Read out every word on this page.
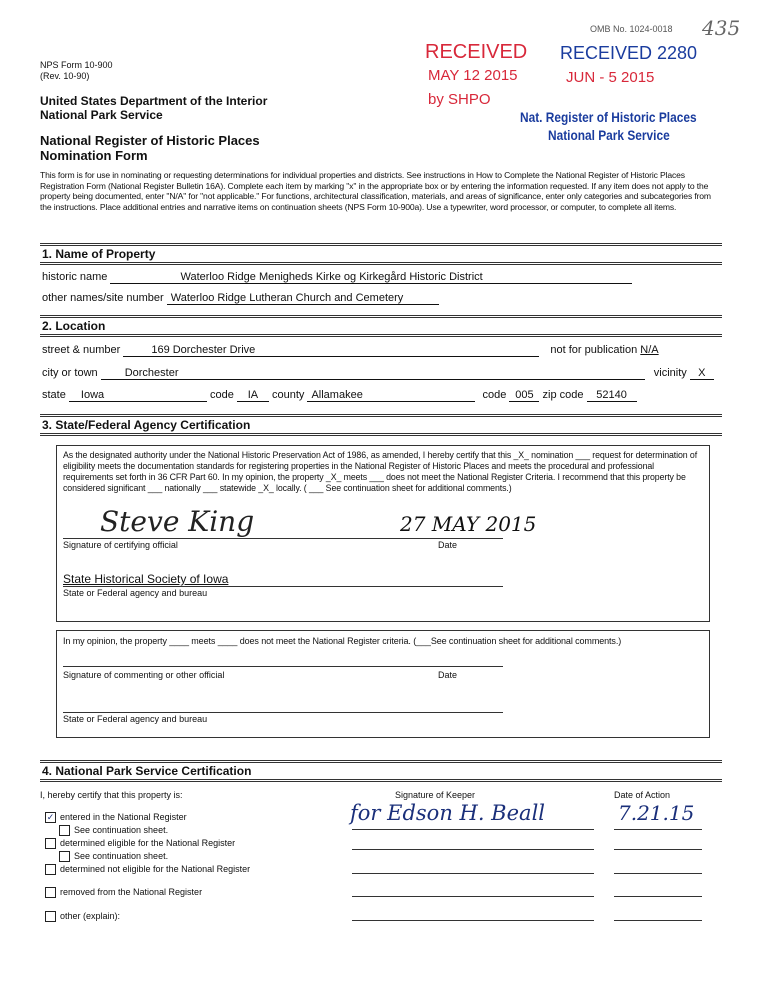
NPS Form 10-900
(Rev. 10-90)
United States Department of the Interior
National Park Service
National Register of Historic Places
Nomination Form
OMB No. 1024-0018 435
RECEIVED
MAY 12 2015
by SHPO
RECEIVED 2280
JUN - 5 2015
Nat. Register of Historic Places
National Park Service
This form is for use in nominating or requesting determinations for individual properties and districts. See instructions in How to Complete the National Register of Historic Places Registration Form (National Register Bulletin 16A). Complete each item by marking "x" in the appropriate box or by entering the information requested. If any item does not apply to the property being documented, enter "N/A" for "not applicable." For functions, architectural classification, materials, and areas of significance, enter only categories and subcategories from the instructions. Place additional entries and narrative items on continuation sheets (NPS Form 10-900a). Use a typewriter, word processor, or computer, to complete all items.
1. Name of Property
historic name	Waterloo Ridge Menigheds Kirke og Kirkegård Historic District
other names/site number Waterloo Ridge Lutheran Church and Cemetery
2. Location
street & number	169 Dorchester Drive	not for publication N/A
city or town Dorchester	vicinity X
state Iowa	code IA county Allamakee	code 005 zip code 52140
3. State/Federal Agency Certification
As the designated authority under the National Historic Preservation Act of 1986, as amended, I hereby certify that this _X_ nomination ___ request for determination of eligibility meets the documentation standards for registering properties in the National Register of Historic Places and meets the procedural and professional requirements set forth in 36 CFR Part 60. In my opinion, the property _X_ meets ___ does not meet the National Register Criteria. I recommend that this property be considered significant ___ nationally ___ statewide _X_ locally. ( ___ See continuation sheet for additional comments.)
Steve King
Signature of certifying official
27 MAY 2015
Date
State Historical Society of Iowa
State or Federal agency and bureau
In my opinion, the property ____ meets ____ does not meet the National Register criteria. (___See continuation sheet for additional comments.)
Signature of commenting or other official	Date
State or Federal agency and bureau
4. National Park Service Certification
I, hereby certify that this property is:	Signature of Keeper	Date of Action
for Edson H. Beall	7.21.15
✓ entered in the National Register
See continuation sheet.
determined eligible for the National Register
See continuation sheet.
determined not eligible for the National Register
removed from the National Register
other (explain):
